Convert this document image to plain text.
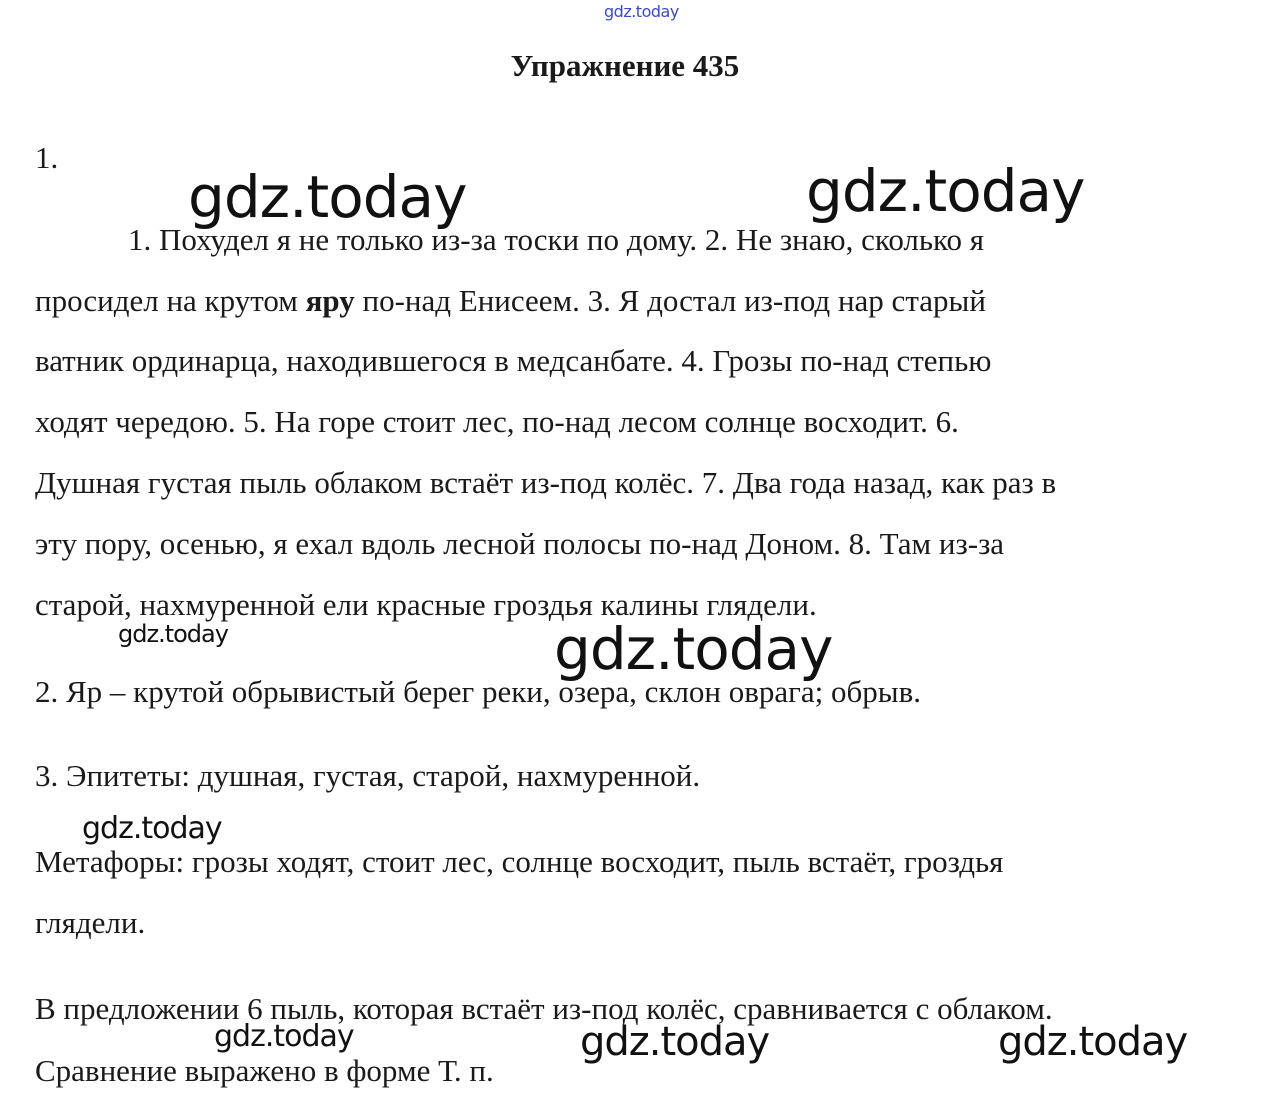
gdz.today
Упражнение 435
1.
gdz.today	gdz.today
1. Похудел я не только из-за тоски по дому. 2. Не знаю, сколько я
просидел на крутом яру по-над Енисеем. 3. Я достал из-под нар старый
ватник ординарца, находившегося в медсанбате. 4. Грозы по-над степью
ходят чередою. 5. На горе стоит лес, по-над лесом солнце восходит. 6.
Душная густая пыль облаком встаёт из-под колёс. 7. Два года назад, как раз в
эту пору, осенью, я ехал вдоль лесной полосы по-над Доном. 8. Там из-за
старой, нахмуренной ели красные гроздья калины глядели.
gdz.today	gdz.today
2. Яр – крутой обрывистый берег реки, озера, склон оврага; обрыв.
3. Эпитеты: душная, густая, старой, нахмуренной.
gdz.today
Метафоры: грозы ходят, стоит лес, солнце восходит, пыль встаёт, гроздья
глядели.
В предложении 6 пыль, которая встаёт из-под колёс, сравнивается с облаком.
gdz.today	gdz.today	gdz.today
Сравнение выражено в форме Т. п.
